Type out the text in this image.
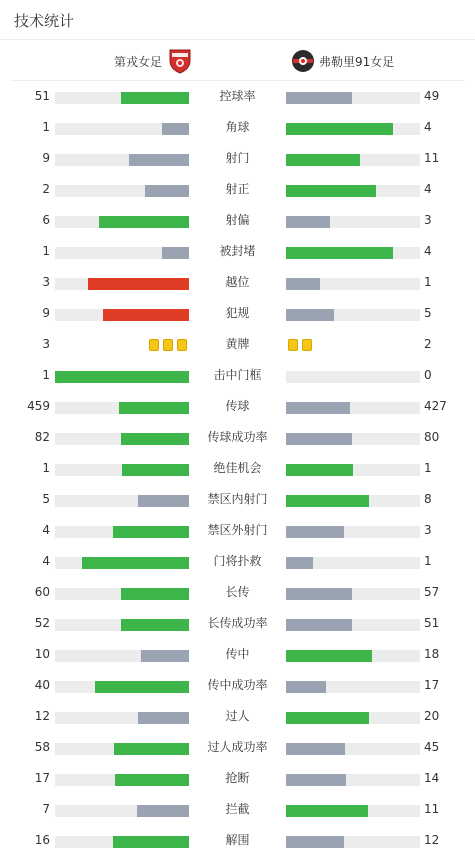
技术统计
第戎女足	弗勒里91女足
51	控球率	49
1	角球	4
9	射门	11
2	射正	4
6	射偏	3
1	被封堵	4
3	越位	1
9	犯规	5
3	黄牌	2
1	击中门框	0
459	传球	427
82	传球成功率	80
1	绝佳机会	1
5	禁区内射门	8
4	禁区外射门	3
4	门将扑救	1
60	长传	57
52	长传成功率	51
10	传中	18
40	传中成功率	17
12	过人	20
58	过人成功率	45
17	抢断	14
7	拦截	11
16	解围	12
